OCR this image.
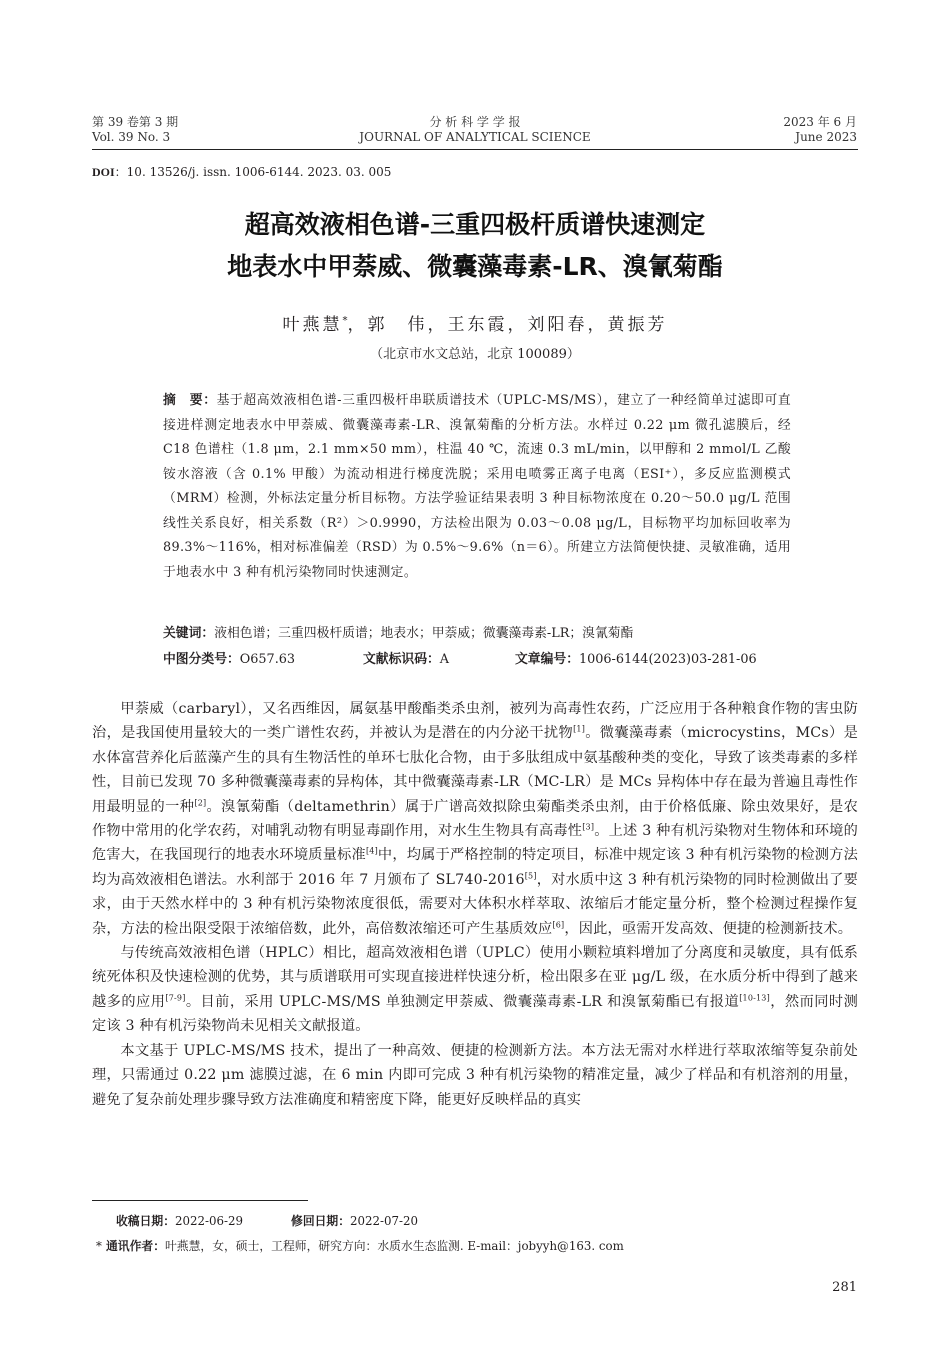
第 39 卷第 3 期
Vol. 39 No. 3
分 析 科 学 学 报
JOURNAL OF ANALYTICAL SCIENCE
2023 年 6 月
June 2023
DOI：10. 13526/j. issn. 1006-6144. 2023. 03. 005
超高效液相色谱-三重四极杆质谱快速测定
地表水中甲萘威、微囊藻毒素-LR、溴氰菊酯
叶燕慧*，郭　伟，王东霞，刘阳春，黄振芳
（北京市水文总站，北京 100089）
摘　要：基于超高效液相色谱-三重四极杆串联质谱技术（UPLC-MS/MS），建立了一种经简单过滤即可直接进样测定地表水中甲萘威、微囊藻毒素-LR、溴氰菊酯的分析方法。水样过 0.22 μm 微孔滤膜后，经 C18 色谱柱（1.8 μm，2.1 mm×50 mm），柱温 40 ℃，流速 0.3 mL/min，以甲醇和 2 mmol/L 乙酸铵水溶液（含 0.1% 甲酸）为流动相进行梯度洗脱；采用电喷雾正离子电离（ESI⁺），多反应监测模式（MRM）检测，外标法定量分析目标物。方法学验证结果表明 3 种目标物浓度在 0.20～50.0 μg/L 范围线性关系良好，相关系数（R²）＞0.9990，方法检出限为 0.03～0.08 μg/L，目标物平均加标回收率为 89.3%～116%，相对标准偏差（RSD）为 0.5%～9.6%（n＝6）。所建立方法简便快捷、灵敏准确，适用于地表水中 3 种有机污染物同时快速测定。
关键词：液相色谱；三重四极杆质谱；地表水；甲萘威；微囊藻毒素-LR；溴氰菊酯
中图分类号：O657.63	文献标识码：A	文章编号：1006-6144(2023)03-281-06

甲萘威（carbaryl），又名西维因，属氨基甲酸酯类杀虫剂，被列为高毒性农药，广泛应用于各种粮食作物的害虫防治，是我国使用量较大的一类广谱性农药，并被认为是潜在的内分泌干扰物[1]。微囊藻毒素（microcystins，MCs）是水体富营养化后蓝藻产生的具有生物活性的单环七肽化合物，由于多肽组成中氨基酸种类的变化，导致了该类毒素的多样性，目前已发现 70 多种微囊藻毒素的异构体，其中微囊藻毒素-LR（MC-LR）是 MCs 异构体中存在最为普遍且毒性作用最明显的一种[2]。溴氰菊酯（deltamethrin）属于广谱高效拟除虫菊酯类杀虫剂，由于价格低廉、除虫效果好，是农作物中常用的化学农药，对哺乳动物有明显毒副作用，对水生生物具有高毒性[3]。上述 3 种有机污染物对生物体和环境的危害大，在我国现行的地表水环境质量标准[4]中，均属于严格控制的特定项目，标准中规定该 3 种有机污染物的检测方法均为高效液相色谱法。水利部于 2016 年 7 月颁布了 SL740-2016[5]，对水质中这 3 种有机污染物的同时检测做出了要求，由于天然水样中的 3 种有机污染物浓度很低，需要对大体积水样萃取、浓缩后才能定量分析，整个检测过程操作复杂，方法的检出限受限于浓缩倍数，此外，高倍数浓缩还可产生基质效应[6]，因此，亟需开发高效、便捷的检测新技术。

与传统高效液相色谱（HPLC）相比，超高效液相色谱（UPLC）使用小颗粒填料增加了分离度和灵敏度，具有低系统死体积及快速检测的优势，其与质谱联用可实现直接进样快速分析，检出限多在亚 μg/L 级，在水质分析中得到了越来越多的应用[7-9]。目前，采用 UPLC-MS/MS 单独测定甲萘威、微囊藻毒素-LR 和溴氰菊酯已有报道[10-13]，然而同时测定该 3 种有机污染物尚未见相关文献报道。

本文基于 UPLC-MS/MS 技术，提出了一种高效、便捷的检测新方法。本方法无需对水样进行萃取浓缩等复杂前处理，只需通过 0.22 μm 滤膜过滤，在 6 min 内即可完成 3 种有机污染物的精准定量，减少了样品和有机溶剂的用量，避免了复杂前处理步骤导致方法准确度和精密度下降，能更好反映样品的真实

收稿日期：2022-06-29	修回日期：2022-07-20
* 通讯作者：叶燕慧，女，硕士，工程师，研究方向：水质水生态监测. E-mail：jobyyh@163. com
281
